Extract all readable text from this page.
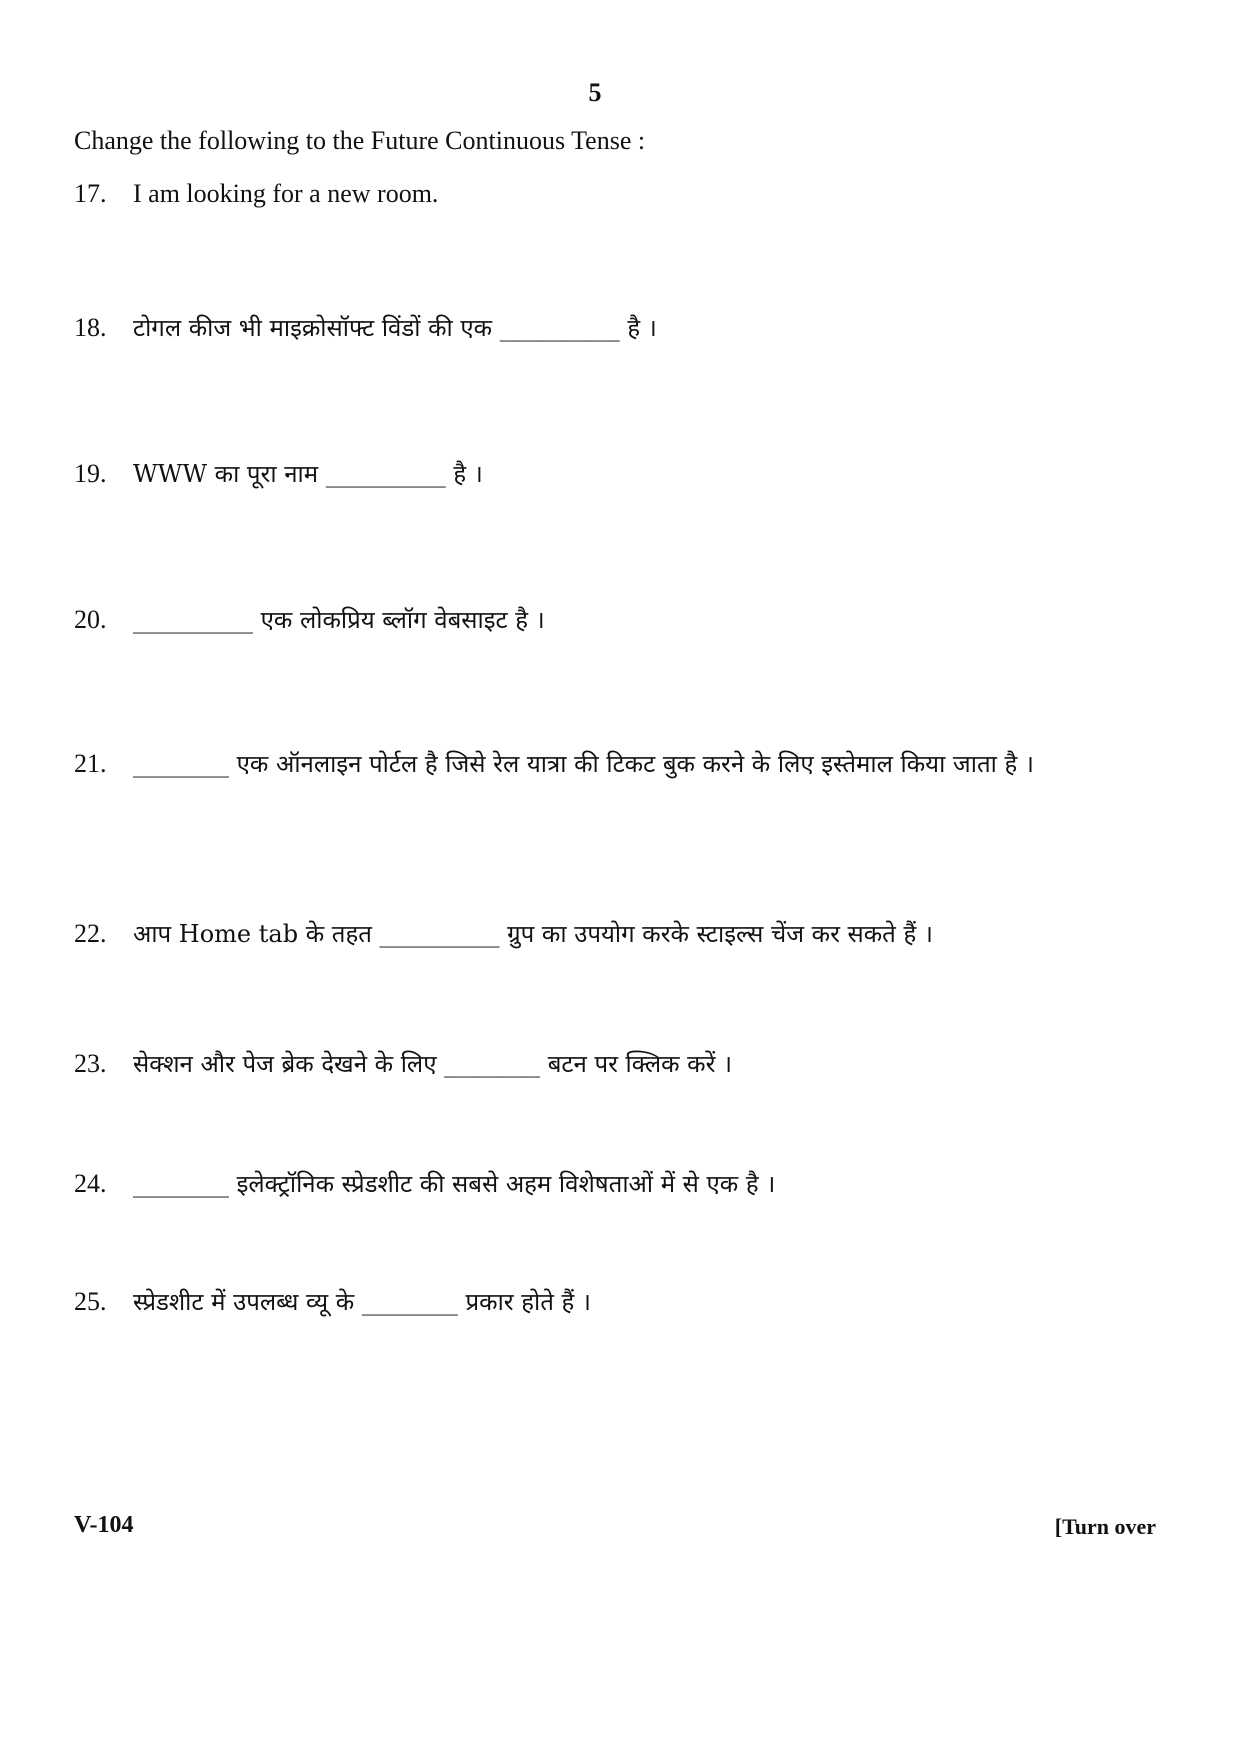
5
Change the following to the Future Continuous Tense :
17. I am looking for a new room.
18. टोगल कीज भी माइक्रोसॉफ्ट विंडों की एक __________ है ।
19. WWW का पूरा नाम __________ है ।
20. __________ एक लोकप्रिय ब्लॉग वेबसाइट है ।
21. ________ एक ऑनलाइन पोर्टल है जिसे रेल यात्रा की टिकट बुक करने के लिए इस्तेमाल किया जाता है ।
22. आप Home tab के तहत __________ ग्रुप का उपयोग करके स्टाइल्स चेंज कर सकते हैं ।
23. सेक्शन और पेज ब्रेक देखने के लिए ________ बटन पर क्लिक करें ।
24. ________ इलेक्ट्रॉनिक स्प्रेडशीट की सबसे अहम विशेषताओं में से एक है ।
25. स्प्रेडशीट में उपलब्ध व्यू के ________ प्रकार होते हैं ।
V-104	[Turn over
